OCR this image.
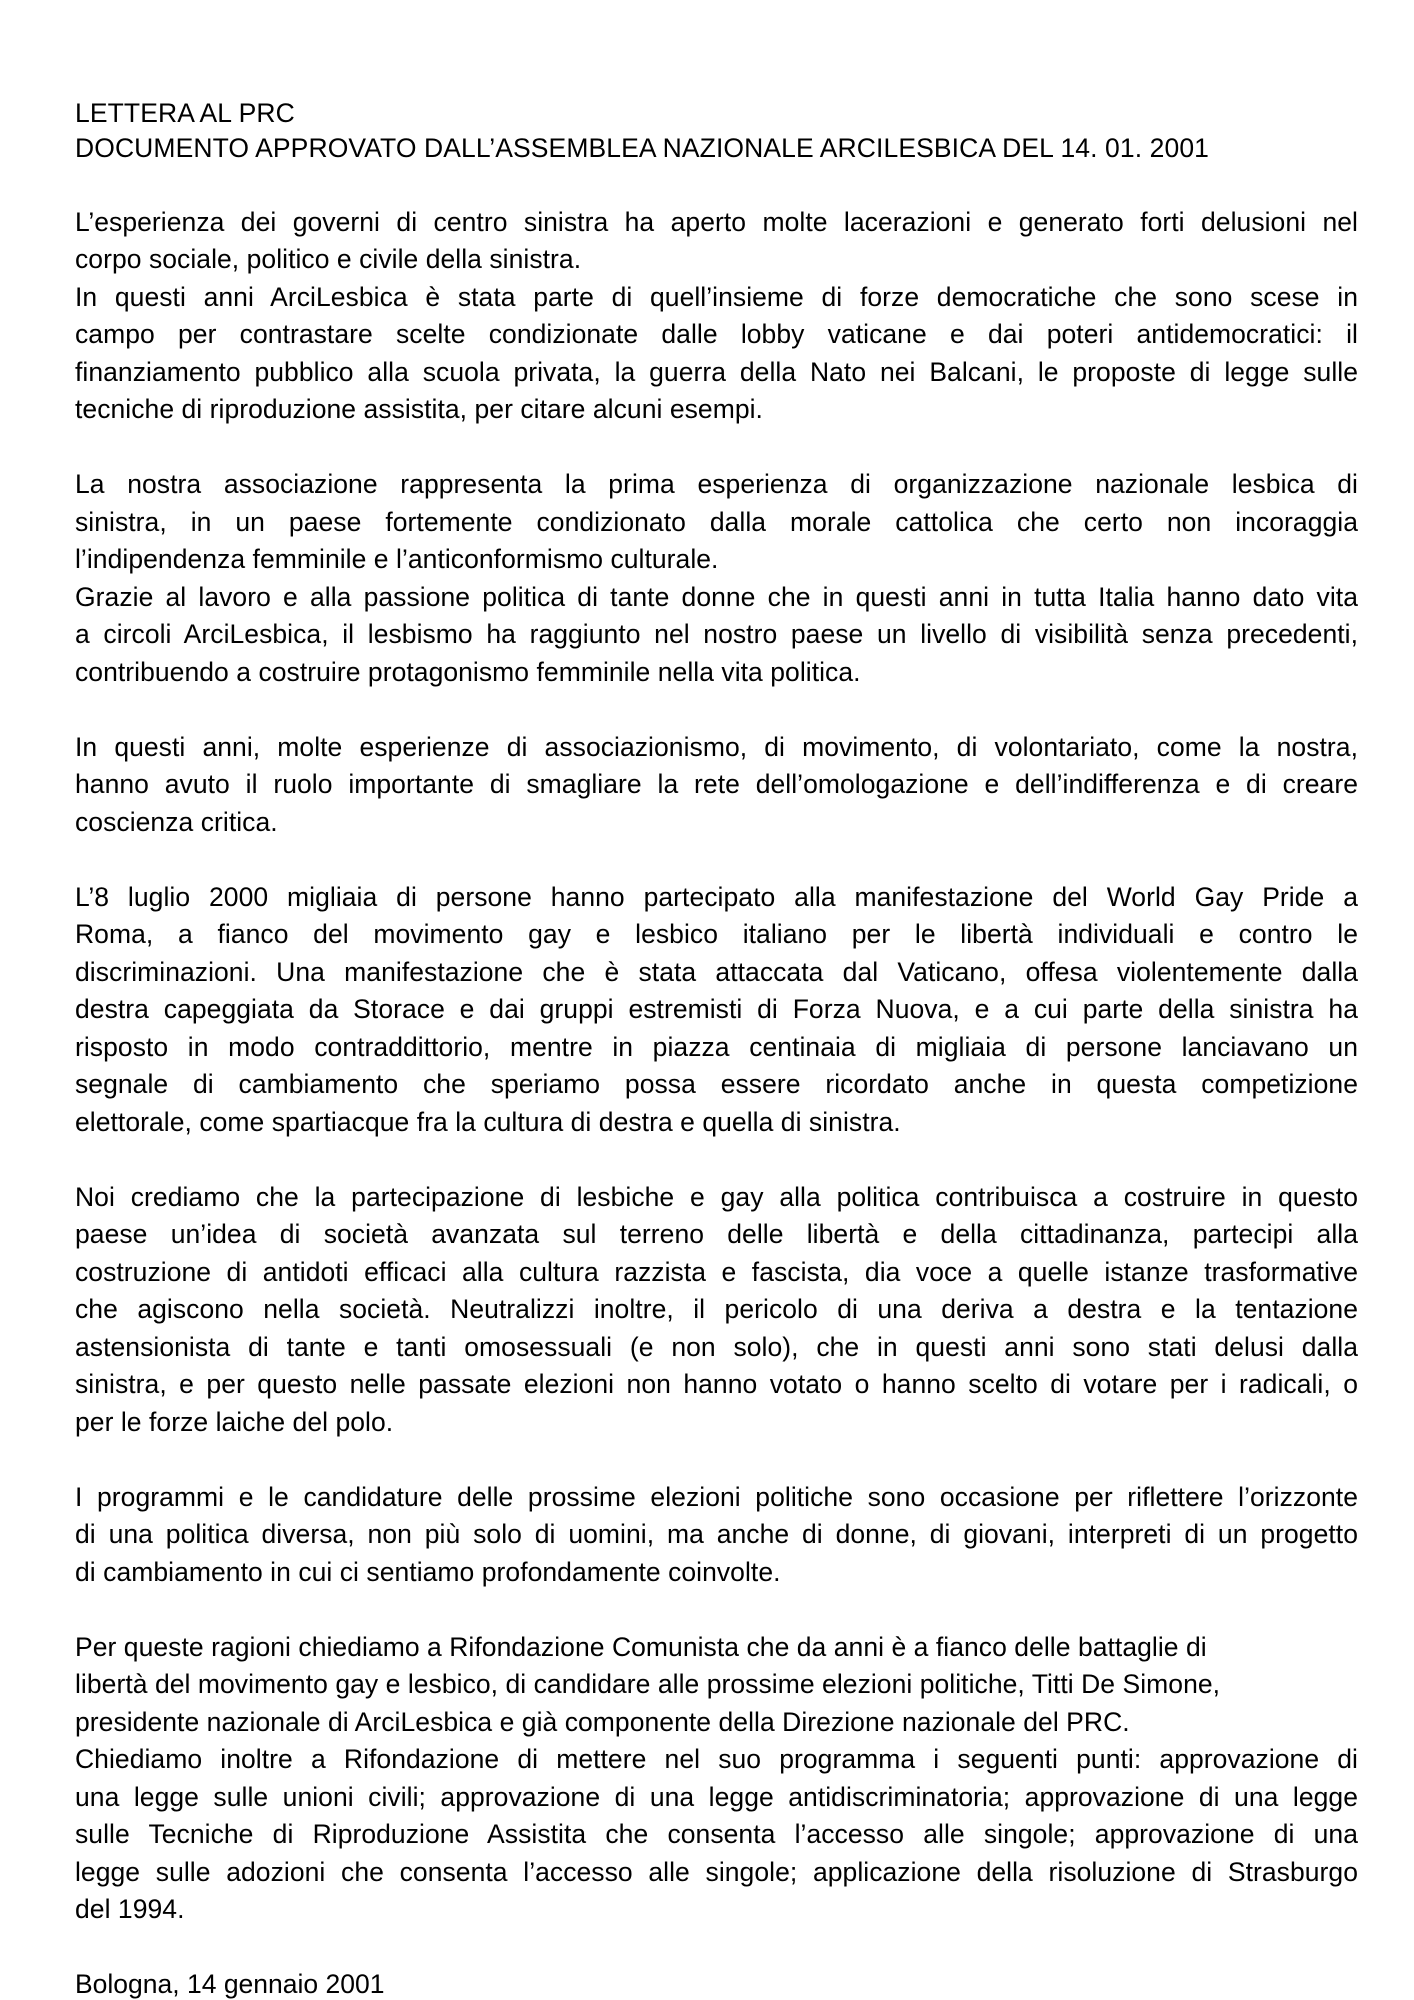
LETTERA AL PRC
DOCUMENTO APPROVATO DALL’ASSEMBLEA NAZIONALE ARCILESBICA DEL 14. 01. 2001
L’esperienza dei governi di centro sinistra ha aperto molte lacerazioni e generato forti delusioni nel
corpo sociale, politico e civile della sinistra.
In questi anni ArciLesbica è stata parte di quell’insieme di forze democratiche che sono scese in
campo per contrastare scelte condizionate dalle lobby vaticane e dai poteri antidemocratici: il
finanziamento pubblico alla scuola privata, la guerra della Nato nei Balcani, le proposte di legge sulle
tecniche di riproduzione assistita, per citare alcuni esempi.
La nostra associazione rappresenta la prima esperienza di organizzazione nazionale lesbica di
sinistra, in un paese fortemente condizionato dalla morale cattolica che certo non incoraggia
l’indipendenza femminile e l’anticonformismo culturale.
Grazie al lavoro e alla passione politica di tante donne che in questi anni in tutta Italia hanno dato vita
a circoli ArciLesbica, il lesbismo ha raggiunto nel nostro paese un livello di visibilità senza precedenti,
contribuendo a costruire protagonismo femminile nella vita politica.
In questi anni, molte esperienze di associazionismo, di movimento, di volontariato, come la nostra,
hanno avuto il ruolo importante di smagliare la rete dell’omologazione e dell’indifferenza e di creare
coscienza critica.
L’8 luglio 2000 migliaia di persone hanno partecipato alla manifestazione del World Gay Pride a
Roma, a fianco del movimento gay e lesbico italiano per le libertà individuali e contro le
discriminazioni. Una manifestazione che è stata attaccata dal Vaticano, offesa violentemente dalla
destra capeggiata da Storace e dai gruppi estremisti di Forza Nuova, e a cui parte della sinistra ha
risposto in modo contraddittorio, mentre in piazza centinaia di migliaia di persone lanciavano un
segnale di cambiamento che speriamo possa essere ricordato anche in questa competizione
elettorale, come spartiacque fra la cultura di destra e quella di sinistra.
Noi crediamo che la partecipazione di lesbiche e gay alla politica contribuisca a costruire in questo
paese un’idea di società avanzata sul terreno delle libertà e della cittadinanza, partecipi alla
costruzione di antidoti efficaci alla cultura razzista e fascista, dia voce a quelle istanze trasformative
che agiscono nella società. Neutralizzi inoltre, il pericolo di una deriva a destra e la tentazione
astensionista di tante e tanti omosessuali (e non solo), che in questi anni sono stati delusi dalla
sinistra, e per questo nelle passate elezioni non hanno votato o hanno scelto di votare per i radicali, o
per le forze laiche del polo.
I programmi e le candidature delle prossime elezioni politiche sono occasione per riflettere l’orizzonte
di una politica diversa, non più solo di uomini, ma anche di donne, di giovani, interpreti di un progetto
di cambiamento in cui ci sentiamo profondamente coinvolte.
Per queste ragioni chiediamo a Rifondazione Comunista che da anni è a fianco delle battaglie di
libertà del movimento gay e lesbico, di candidare alle prossime elezioni politiche, Titti De Simone,
presidente nazionale di ArciLesbica e già componente della Direzione nazionale del PRC.
Chiediamo inoltre a Rifondazione di mettere nel suo programma i seguenti punti: approvazione di
una legge sulle unioni civili; approvazione di una legge antidiscriminatoria; approvazione di una legge
sulle Tecniche di Riproduzione Assistita che consenta l’accesso alle singole; approvazione di una
legge sulle adozioni che consenta l’accesso alle singole; applicazione della risoluzione di Strasburgo
del 1994.
Bologna, 14 gennaio 2001
